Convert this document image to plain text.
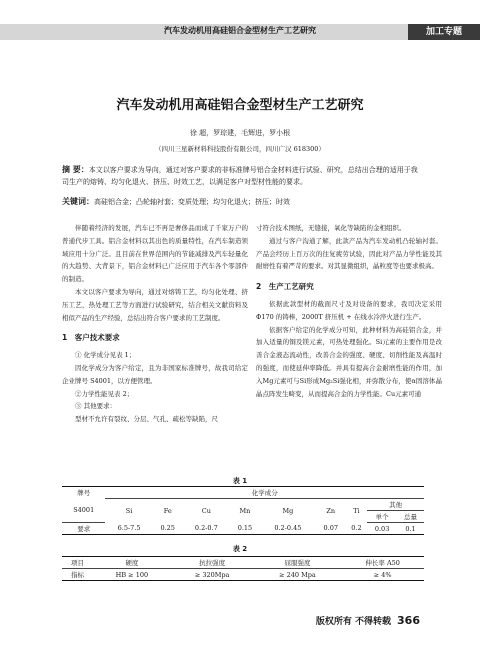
汽车发动机用高硅铝合金型材生产工艺研究	加工专题
汽车发动机用高硅铝合金型材生产工艺研究
徐 超，罗琮建，毛辉进，罗小根
（四川三星新材料科技股份有限公司，四川广汉 618300）
摘 要：本文以客户要求为导向，通过对客户要求的非标准牌号铝合金材料进行试验、研究，总结出合理的适用于我司生产的熔铸、均匀化退火、挤压、时效工艺，以满足客户对型材性能的要求。
关键词：高硅铝合金；凸轮轴衬套；变质处理；均匀化退火；挤压；时效

伴随着经济的发展，汽车已不再是奢侈品而成了千家万户的普通代步工具。铝合金材料以其出色的质量特性，在汽车制造领域应用十分广泛。且目前在世界范围内的节能减排及汽车轻量化的大趋势、大背景下，铝合金材料已广泛应用于汽车各个零部件的制造。

本文以客户要求为导向，通过对熔铸工艺，均匀化处理、挤压工艺，热处理工艺等方面进行试验研究，结合相关文献资料及相似产品的生产经验，总结出符合客户要求的工艺制度。

1　客户技术要求
① 化学成分见表 1；

因化学成分为客户给定，且为非国家标准牌号，故我司给定企业牌号 S4001，以方便管理。

②力学性能见表 2；
③ 其他要求：

型材不允许有裂纹、分层、气孔、疏松等缺陷，尺

寸符合技术图纸，无缝接，氧化等缺陷的金相组织。

通过与客户沟通了解，此款产品为汽车发动机凸轮轴衬套。产品会经历上百万次的往复疲劳试验，因此对产品力学性能及其耐磨性有着严苛的要求。对其显微组织，晶粒度等也要求极高。

2　生产工艺研究

依据此款型材的截面尺寸及对设备的要求，我司决定采用 Φ170 的铸棒，2000T 挤压机 + 在线水冷淬火进行生产。

依据客户给定的化学成分可知，此种材料为高硅铝合金，并加入适量的铜及镁元素，可热处理强化。Si元素的主要作用是改善合金液态流动性，改善合金的强度、硬度、切削性能及高温时的强度，而使延伸率降低。并具有提高合金耐磨性能的作用，加入Mg元素可与Si形成Mg₂Si强化相，并弥散分布，使α固溶体晶晶点阵发生畸变，从而提高合金的力学性能。Cu元素可通

表 1
牌号	化学成分								
S4001	Si	Fe	Cu	Mn	Mg	Zn	Ti	其他	
								单个	总量
要求	6.5-7.5	0.25	0.2-0.7	0.15	0.2-0.45	0.07	0.2	0.03	0.1
表 2
项目	硬度	抗拉强度	屈服强度	伸长率 A50
指标	HB ≥ 100	≥ 320Mpa	≥ 240 Mpa	≥ 4%
版权所有 不得转载 366
